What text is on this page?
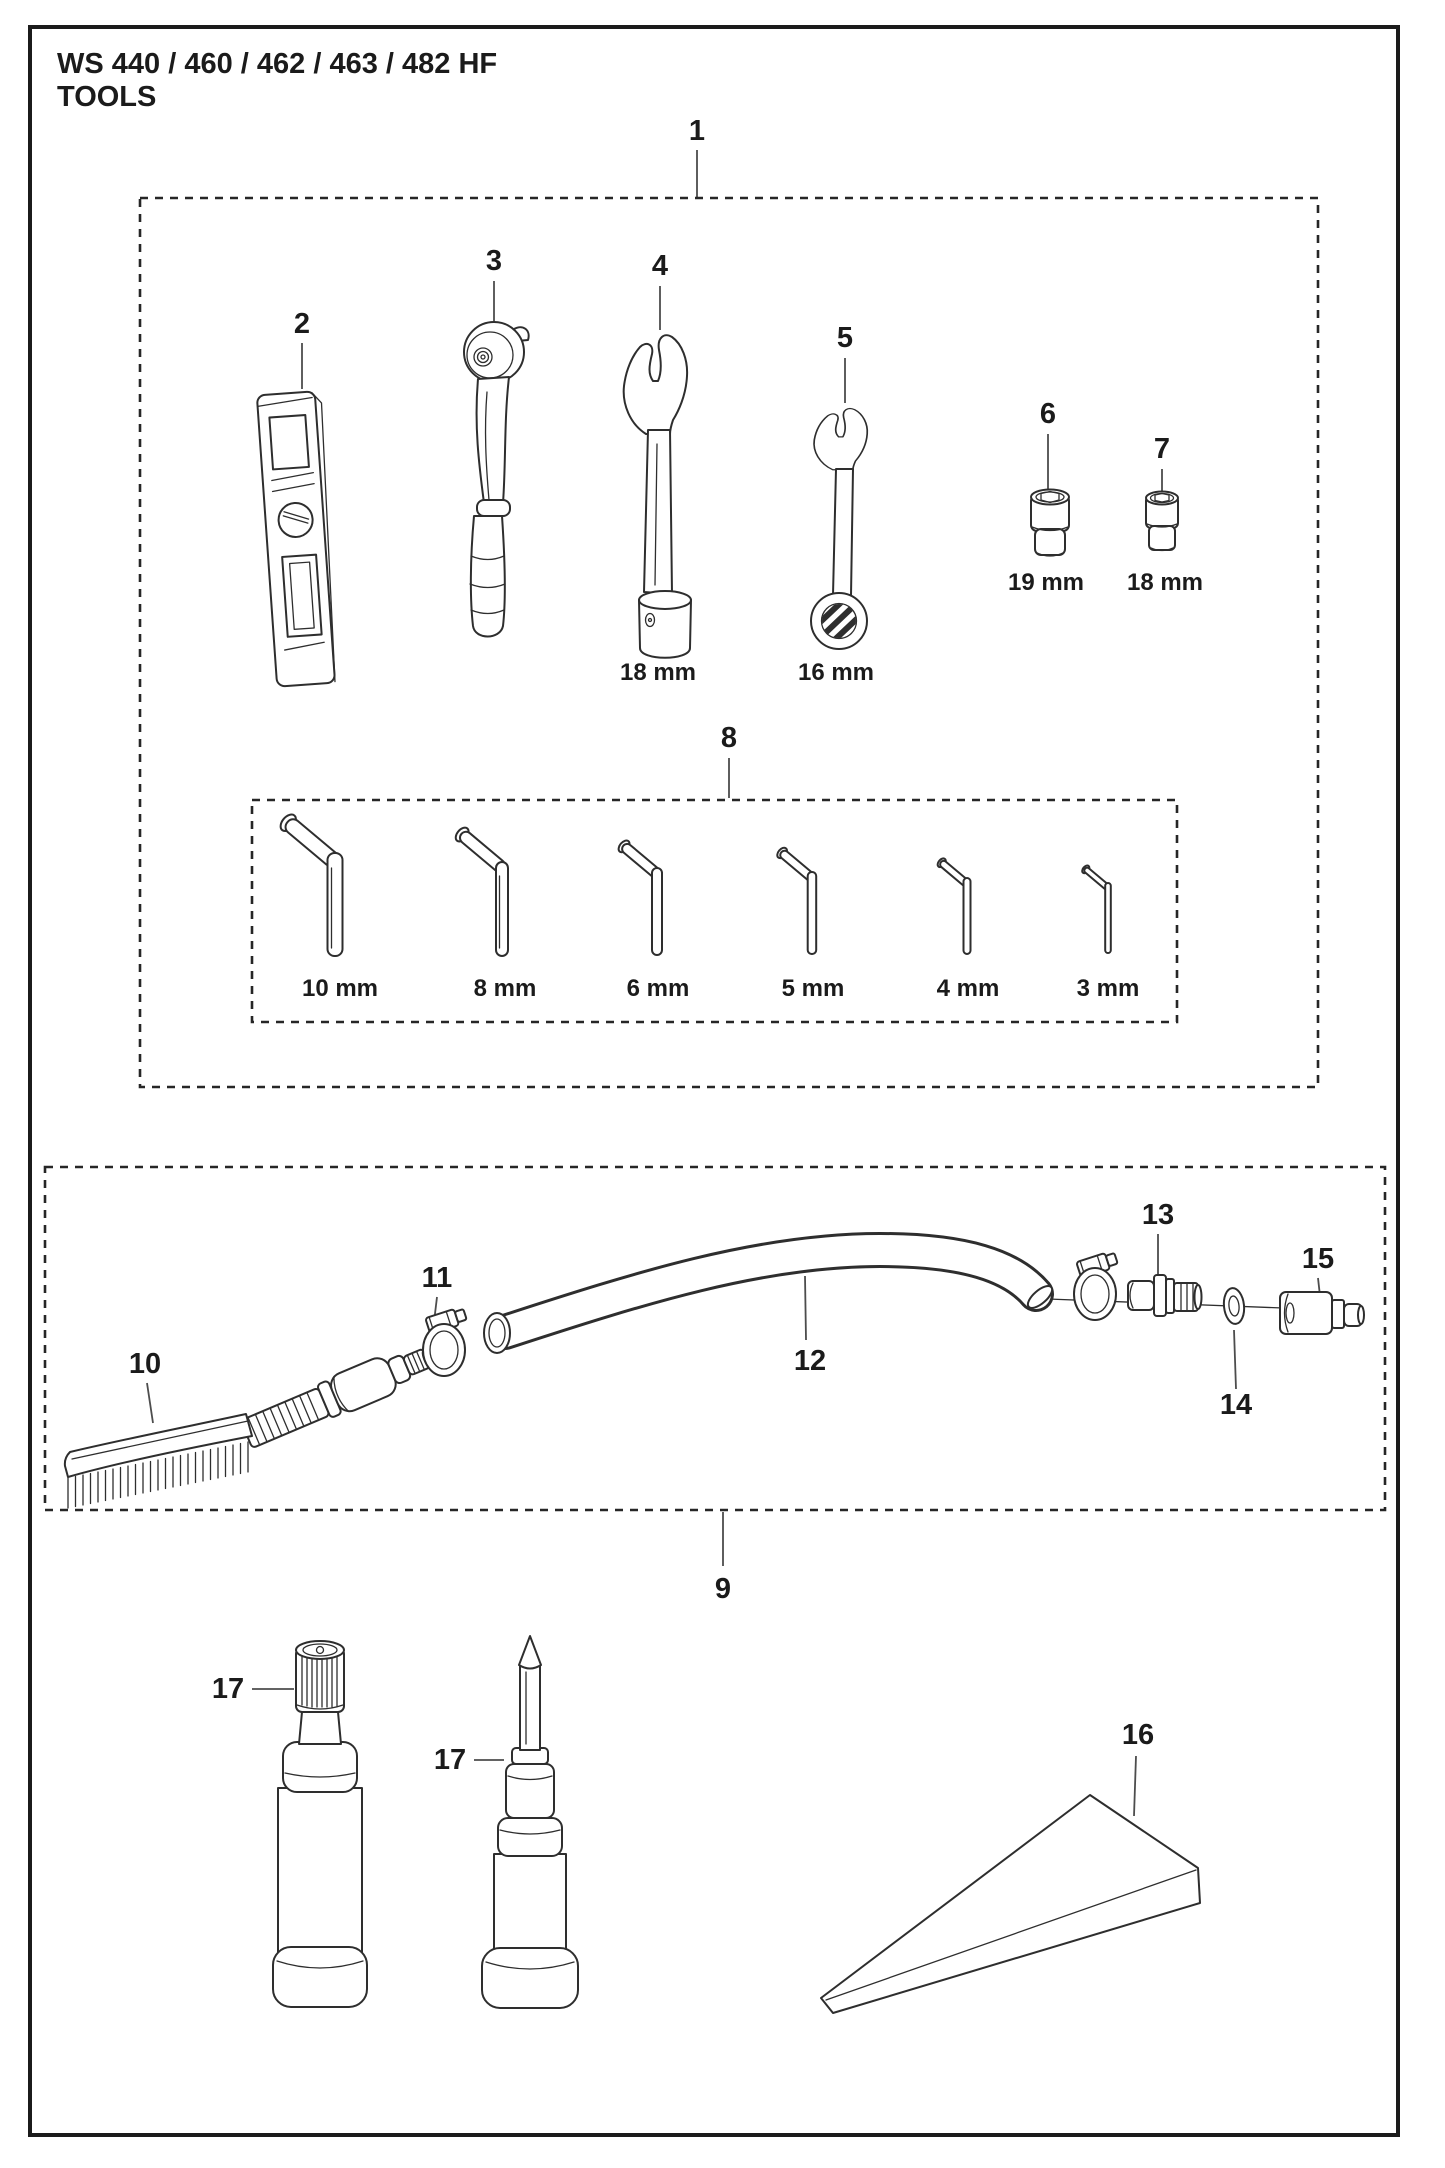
WS 440 / 460 / 462 / 463 / 482 HF
TOOLS
1
2
3	4
18 mm
5
16 mm
6
19 mm
7
18 mm
8
10 mm	8 mm	6 mm	5 mm	4 mm	3 mm
9
12
10
11
13
14
15
17
17
16
